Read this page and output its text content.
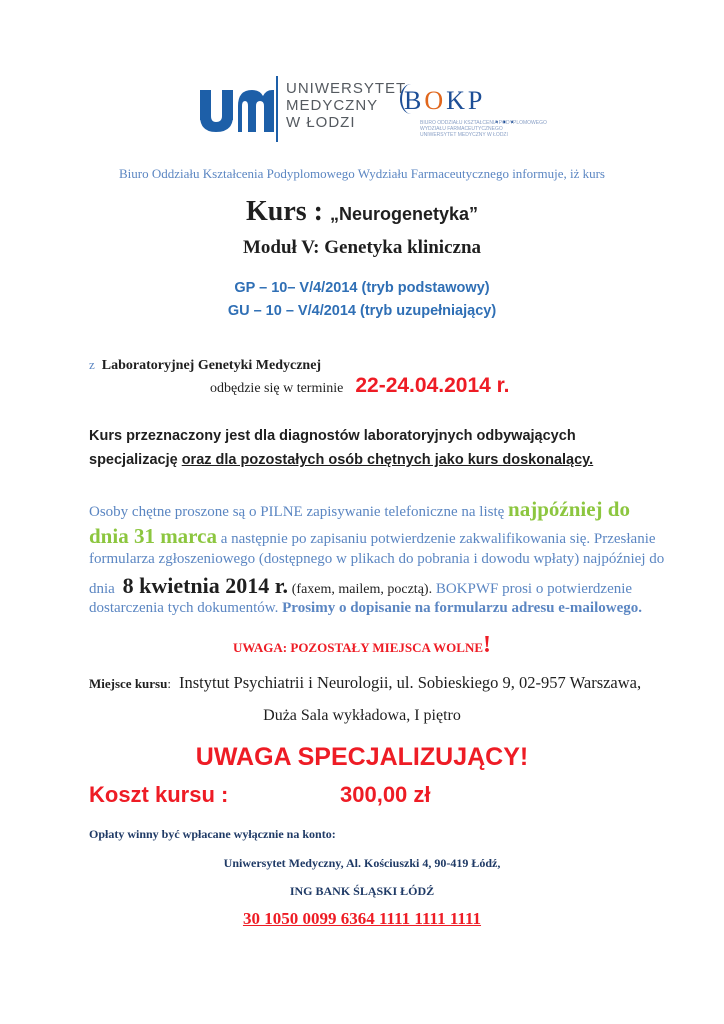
UNIWERSYTET
MEDYCZNY
W ŁODZI
BOKP
...
BIURO ODDZIAŁU KSZTAŁCENIA PODYPLOMOWEGO
WYDZIAŁU FARMACEUTYCZNEGO
UNIWERSYTET MEDYCZNY W ŁODZI
Biuro Oddziału Kształcenia Podyplomowego Wydziału Farmaceutycznego informuje, iż kurs
Kurs : „Neurogenetyka”
Moduł V: Genetyka kliniczna
GP – 10– V/4/2014 (tryb podstawowy)
GU – 10 – V/4/2014 (tryb uzupełniający)
z Laboratoryjnej Genetyki Medycznej
odbędzie się w terminie 22-24.04.2014 r.
Kurs przeznaczony jest dla diagnostów laboratoryjnych odbywających
specjalizację oraz dla pozostałych osób chętnych jako kurs doskonalący.
Osoby chętne proszone są o PILNE zapisywanie telefoniczne na listę najpóźniej do
dnia 31 marca a następnie po zapisaniu potwierdzenie zakwalifikowania się. Przesłanie
formularza zgłoszeniowego (dostępnego w plikach do pobrania i dowodu wpłaty) najpóźniej do
dnia 8 kwietnia 2014 r. (faxem, mailem, pocztą). BOKPWF prosi o potwierdzenie
dostarczenia tych dokumentów. Prosimy o dopisanie na formularzu adresu e-mailowego.
UWAGA: POZOSTAŁY MIEJSCA WOLNE!
Miejsce kursu: Instytut Psychiatrii i Neurologii, ul. Sobieskiego 9, 02-957 Warszawa,
Duża Sala wykładowa, I piętro
UWAGA SPECJALIZUJĄCY!
Koszt kursu :	300,00 zł
Opłaty winny być wpłacane wyłącznie na konto:
Uniwersytet Medyczny, Al. Kościuszki 4, 90-419 Łódź,
ING BANK ŚLĄSKI ŁÓDŹ
30 1050 0099 6364 1111 1111 1111
